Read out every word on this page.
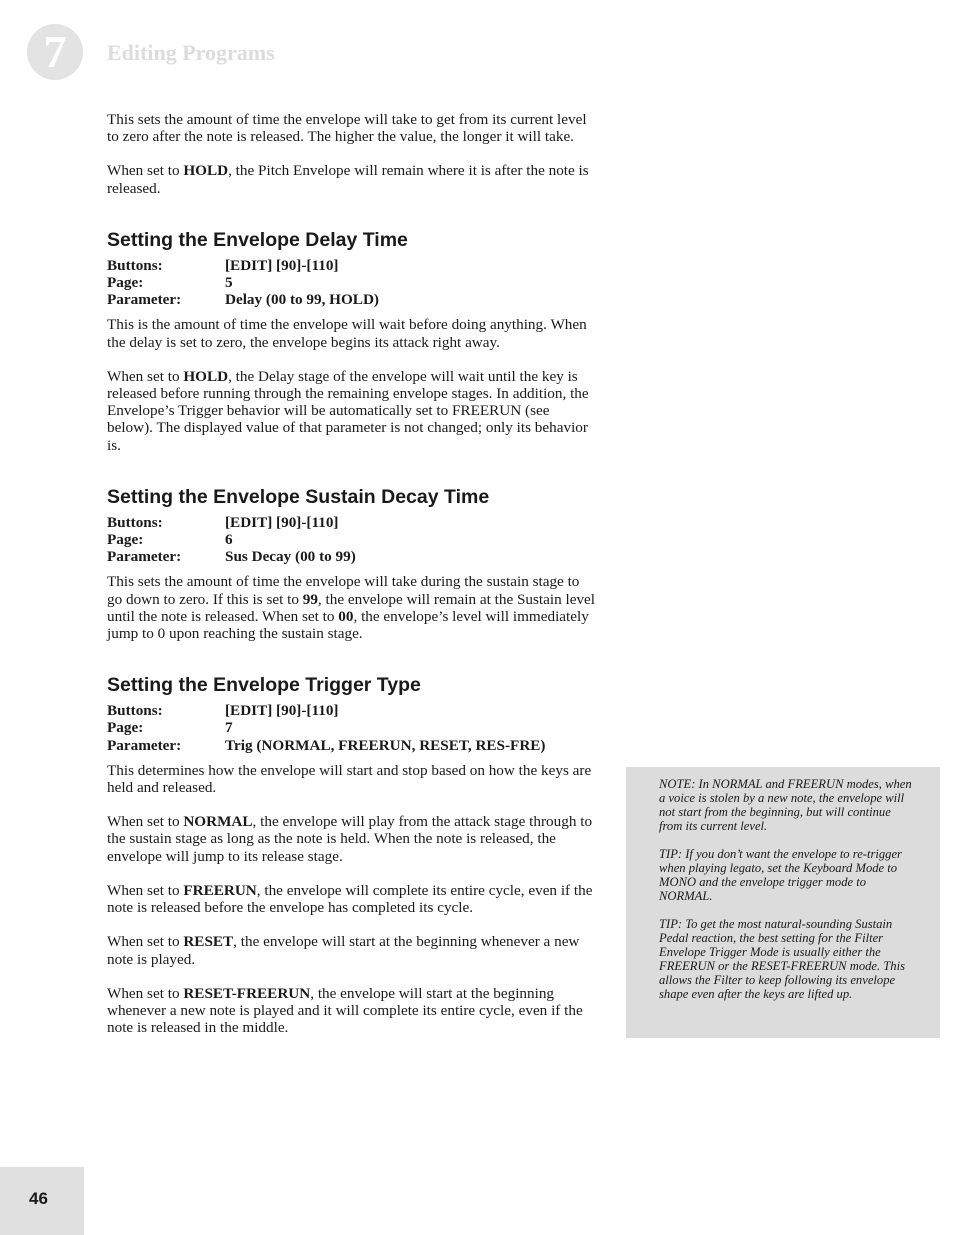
7	Editing Programs

This sets the amount of time the envelope will take to get from its current level to zero after the note is released. The higher the value, the longer it will take.

When set to HOLD, the Pitch Envelope will remain where it is after the note is released.

Setting the Envelope Delay Time
Buttons:	[EDIT] [90]-[110]
Page:	5
Parameter:	Delay (00 to 99, HOLD)

This is the amount of time the envelope will wait before doing anything. When the delay is set to zero, the envelope begins its attack right away.

When set to HOLD, the Delay stage of the envelope will wait until the key is released before running through the remaining envelope stages. In addition, the Envelope’s Trigger behavior will be automatically set to FREERUN (see below). The displayed value of that parameter is not changed; only its behavior is.

Setting the Envelope Sustain Decay Time
Buttons:	[EDIT] [90]-[110]
Page:	6
Parameter:	Sus Decay (00 to 99)

This sets the amount of time the envelope will take during the sustain stage to go down to zero. If this is set to 99, the envelope will remain at the Sustain level until the note is released. When set to 00, the envelope’s level will immediately jump to 0 upon reaching the sustain stage.

Setting the Envelope Trigger Type
Buttons:	[EDIT] [90]-[110]
Page:	7
Parameter:	Trig (NORMAL, FREERUN, RESET, RES-FRE)

This determines how the envelope will start and stop based on how the keys are held and released.

When set to NORMAL, the envelope will play from the attack stage through to the sustain stage as long as the note is held. When the note is released, the envelope will jump to its release stage.

When set to FREERUN, the envelope will complete its entire cycle, even if the note is released before the envelope has completed its cycle.

When set to RESET, the envelope will start at the beginning whenever a new note is played.

When set to RESET-FREERUN, the envelope will start at the beginning whenever a new note is played and it will complete its entire cycle, even if the note is released in the middle.

NOTE: In NORMAL and FREERUN modes, when a voice is stolen by a new note, the envelope will not start from the beginning, but will continue from its current level.

TIP: If you don’t want the envelope to re-trigger when playing legato, set the Keyboard Mode to MONO and the envelope trigger mode to NORMAL.

TIP: To get the most natural-sounding Sustain Pedal reaction, the best setting for the Filter Envelope Trigger Mode is usually either the FREERUN or the RESET-FREERUN mode. This allows the Filter to keep following its envelope shape even after the keys are lifted up.

46
